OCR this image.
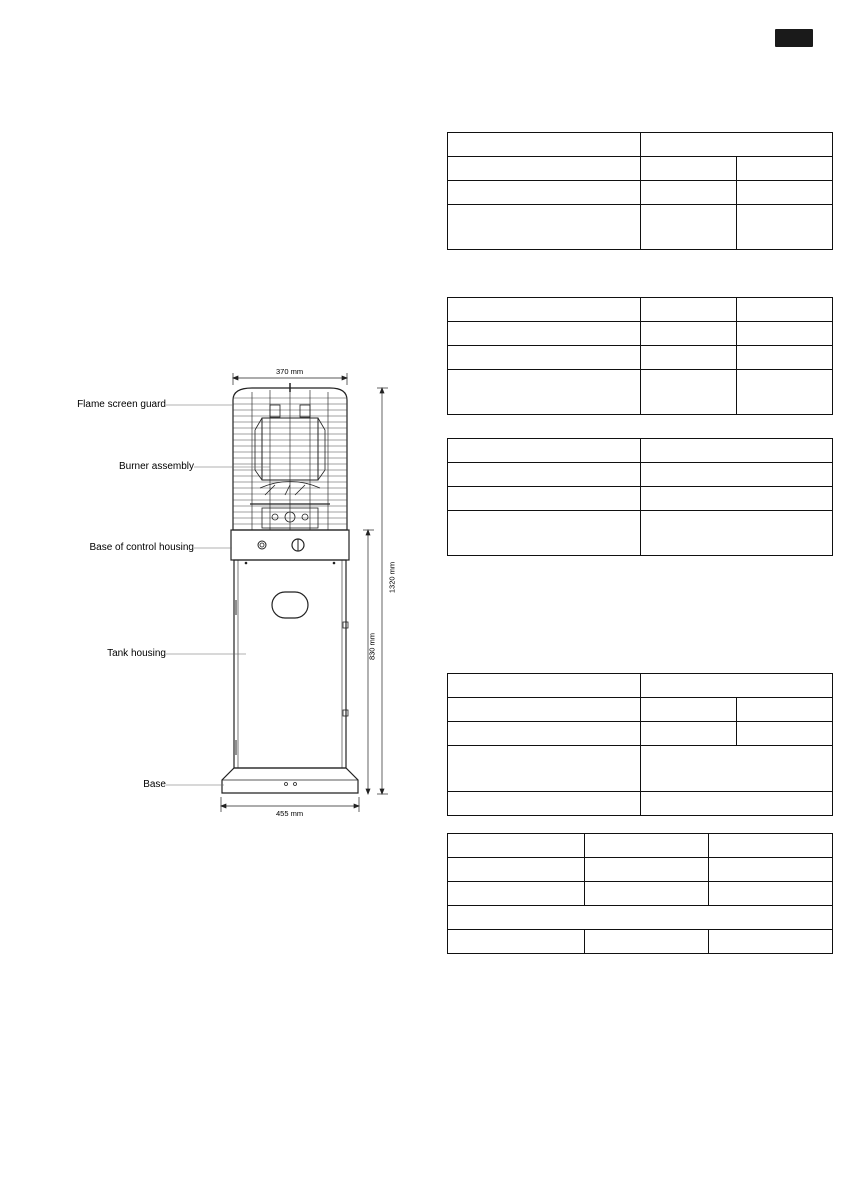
Flame screen guard
Burner assembly
Base of control housing
Tank housing
Base
370 mm
455 mm
1320 mm
830 mm
